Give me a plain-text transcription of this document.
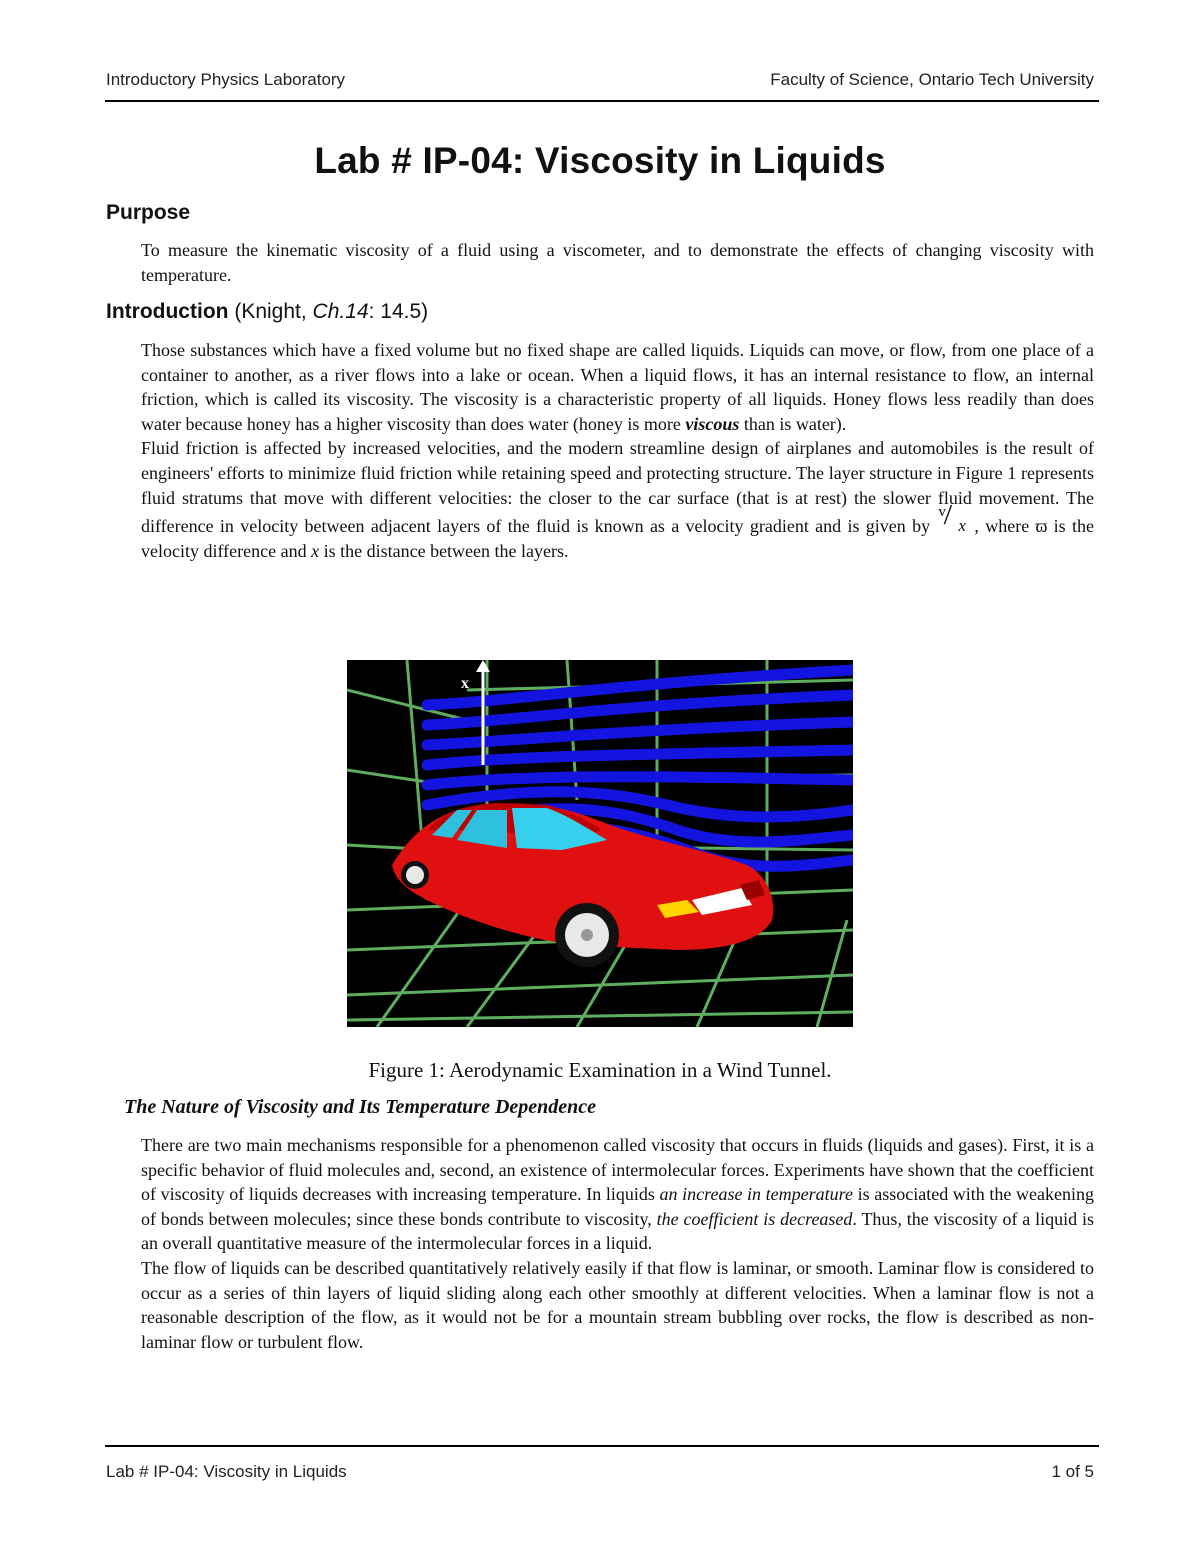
Introductory Physics Laboratory	Faculty of Science, Ontario Tech University
Lab # IP-04: Viscosity in Liquids
Purpose

To measure the kinematic viscosity of a fluid using a viscometer, and to demonstrate the effects of changing viscosity with temperature.

Introduction (Knight, Ch.14: 14.5)

Those substances which have a fixed volume but no fixed shape are called liquids. Liquids can move, or flow, from one place of a container to another, as a river flows into a lake or ocean. When a liquid flows, it has an internal resistance to flow, an internal friction, which is called its viscosity. The viscosity is a characteristic property of all liquids. Honey flows less readily than does water because honey has a higher viscosity than does water (honey is more viscous than is water).

Fluid friction is affected by increased velocities, and the modern streamline design of airplanes and automobiles is the result of engineers' efforts to minimize fluid friction while retaining speed and protecting structure. The layer structure in Figure 1 represents fluid stratums that move with different velocities: the closer to the car surface (that is at rest) the slower fluid movement. The difference in velocity between adjacent layers of the fluid is known as a velocity gradient and is given by
v
/ x , where ϖ is the velocity difference and x is the distance between the layers.

x
Figure 1: Aerodynamic Examination in a Wind Tunnel.
The Nature of Viscosity and Its Temperature Dependence

There are two main mechanisms responsible for a phenomenon called viscosity that occurs in fluids (liquids and gases). First, it is a specific behavior of fluid molecules and, second, an existence of intermolecular forces. Experiments have shown that the coefficient of viscosity of liquids decreases with increasing temperature. In liquids an increase in temperature is associated with the weakening of bonds between molecules; since these bonds contribute to viscosity, the coefficient is decreased. Thus, the viscosity of a liquid is an overall quantitative measure of the intermolecular forces in a liquid.

The flow of liquids can be described quantitatively relatively easily if that flow is laminar, or smooth. Laminar flow is considered to occur as a series of thin layers of liquid sliding along each other smoothly at different velocities. When a laminar flow is not a reasonable description of the flow, as it would not be for a mountain stream bubbling over rocks, the flow is described as non-laminar flow or turbulent flow.

Lab # IP-04: Viscosity in Liquids	1 of 5
